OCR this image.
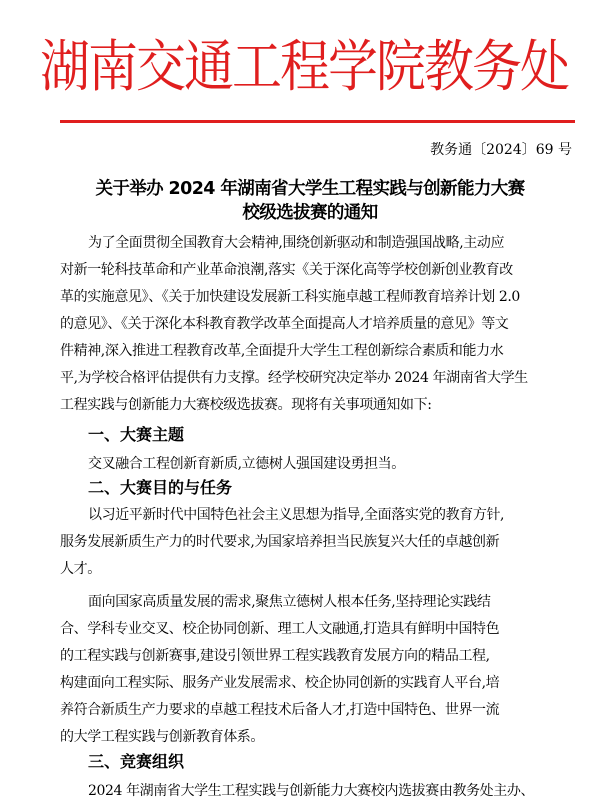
湖南交通工程学院教务处
教务通〔2024〕69 号
关于举办 2024 年湖南省大学生工程实践与创新能力大赛
校级选拔赛的通知
为了全面贯彻全国教育大会精神,围绕创新驱动和制造强国战略,主动应
对新一轮科技革命和产业革命浪潮,落实《关于深化高等学校创新创业教育改
革的实施意见》、《关于加快建设发展新工科实施卓越工程师教育培养计划 2.0
的意见》、《关于深化本科教育教学改革全面提高人才培养质量的意见》等文
件精神,深入推进工程教育改革,全面提升大学生工程创新综合素质和能力水
平,为学校合格评估提供有力支撑。经学校研究决定举办 2024 年湖南省大学生
工程实践与创新能力大赛校级选拔赛。现将有关事项通知如下:
一、大赛主题
交叉融合工程创新育新质,立德树人强国建设勇担当。
二、大赛目的与任务
以习近平新时代中国特色社会主义思想为指导,全面落实党的教育方针,
服务发展新质生产力的时代要求,为国家培养担当民族复兴大任的卓越创新
人才。
面向国家高质量发展的需求,聚焦立德树人根本任务,坚持理论实践结
合、学科专业交叉、校企协同创新、理工人文融通,打造具有鲜明中国特色
的工程实践与创新赛事,建设引领世界工程实践教育发展方向的精品工程,
构建面向工程实际、服务产业发展需求、校企协同创新的实践育人平台,培
养符合新质生产力要求的卓越工程技术后备人才,打造中国特色、世界一流
的大学工程实践与创新教育体系。
三、竞赛组织
2024 年湖南省大学生工程实践与创新能力大赛校内选拔赛由教务处主办、
